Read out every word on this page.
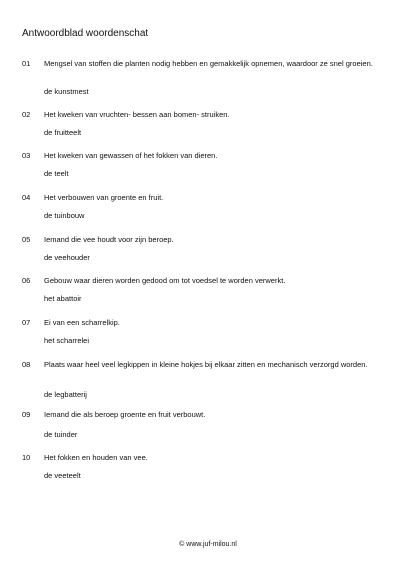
Antwoordblad woordenschat
01 Mengsel van stoffen die planten nodig hebben en gemakkelijk opnemen, waardoor ze snel groeien.
de kunstmest
02 Het kweken van vruchten- bessen aan bomen- struiken.
de fruitteelt
03 Het kweken van gewassen of het fokken van dieren.
de teelt
04 Het verbouwen van groente en fruit.
de tuinbouw
05 Iemand die vee houdt voor zijn beroep.
de veehouder
06 Gebouw waar dieren worden gedood om tot voedsel te worden verwerkt.
het abattoir
07 Ei van een scharrelkip.
het scharrelei
08 Plaats waar heel veel legkippen in kleine hokjes bij elkaar zitten en mechanisch verzorgd worden.
de legbatterij
09 Iemand die als beroep groente en fruit verbouwt.
de tuinder
10 Het fokken en houden van vee.
de veeteelt
© www.juf-milou.nl
